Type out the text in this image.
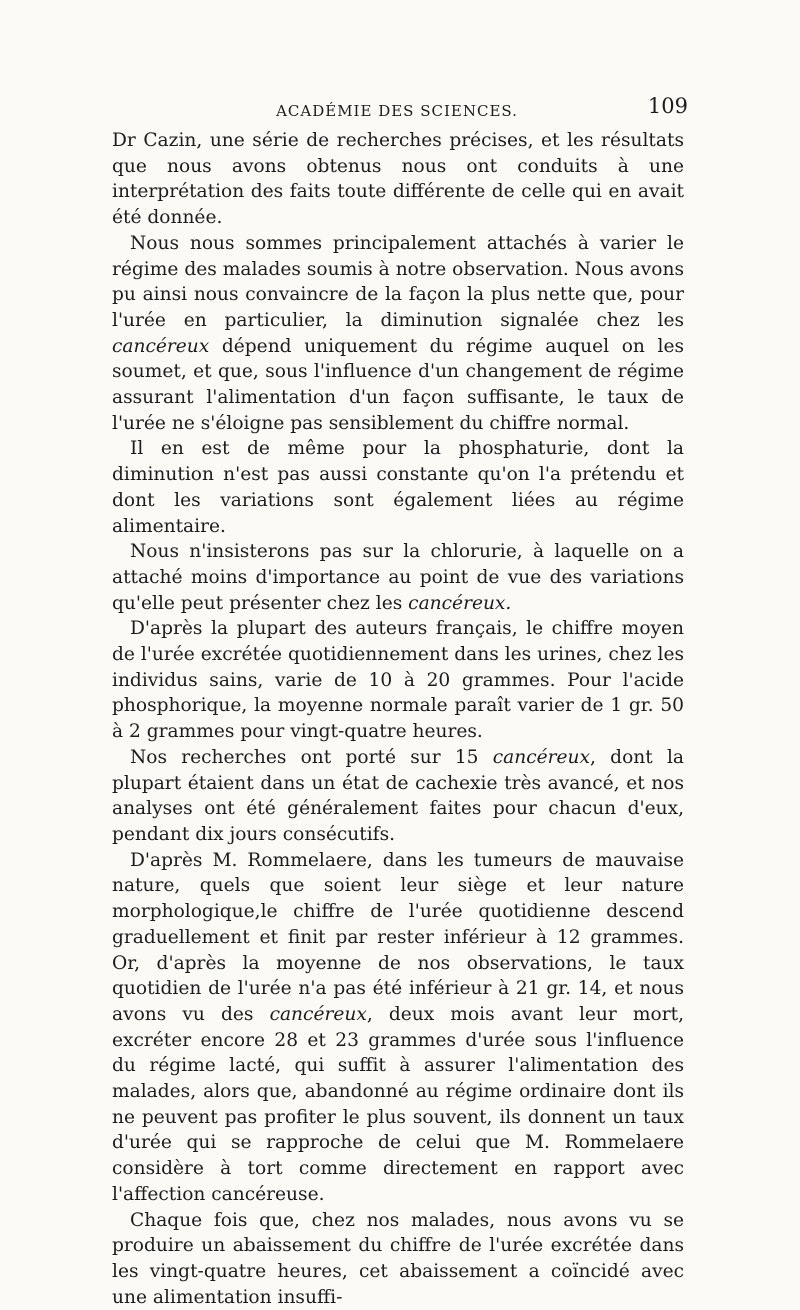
ACADÉMIE DES SCIENCES.	109

Dr Cazin, une série de recherches précises, et les résultats que nous avons obtenus nous ont conduits à une interprétation des faits toute différente de celle qui en avait été donnée.

Nous nous sommes principalement attachés à varier le régime des malades soumis à notre observation. Nous avons pu ainsi nous convaincre de la façon la plus nette que, pour l'urée en particulier, la diminution signalée chez les cancéreux dépend uniquement du régime auquel on les soumet, et que, sous l'influence d'un changement de régime assurant l'alimentation d'un façon suffisante, le taux de l'urée ne s'éloigne pas sensiblement du chiffre normal.

Il en est de même pour la phosphaturie, dont la diminution n'est pas aussi constante qu'on l'a prétendu et dont les variations sont également liées au régime alimentaire.

Nous n'insisterons pas sur la chlorurie, à laquelle on a attaché moins d'importance au point de vue des variations qu'elle peut présenter chez les cancéreux.

D'après la plupart des auteurs français, le chiffre moyen de l'urée excrétée quotidiennement dans les urines, chez les individus sains, varie de 10 à 20 grammes. Pour l'acide phosphorique, la moyenne normale paraît varier de 1 gr. 50 à 2 grammes pour vingt-quatre heures.

Nos recherches ont porté sur 15 cancéreux, dont la plupart étaient dans un état de cachexie très avancé, et nos analyses ont été généralement faites pour chacun d'eux, pendant dix jours consécutifs.

D'après M. Rommelaere, dans les tumeurs de mauvaise nature, quels que soient leur siège et leur nature morphologique,le chiffre de l'urée quotidienne descend graduellement et finit par rester inférieur à 12 grammes. Or, d'après la moyenne de nos observations, le taux quotidien de l'urée n'a pas été inférieur à 21 gr. 14, et nous avons vu des cancéreux, deux mois avant leur mort, excréter encore 28 et 23 grammes d'urée sous l'influence du régime lacté, qui suffit à assurer l'alimentation des malades, alors que, abandonné au régime ordinaire dont ils ne peuvent pas profiter le plus souvent, ils donnent un taux d'urée qui se rapproche de celui que M. Rommelaere considère à tort comme directement en rapport avec l'affection cancéreuse.

Chaque fois que, chez nos malades, nous avons vu se produire un abaissement du chiffre de l'urée excrétée dans les vingt-quatre heures, cet abaissement a coïncidé avec une alimentation insuffi-
